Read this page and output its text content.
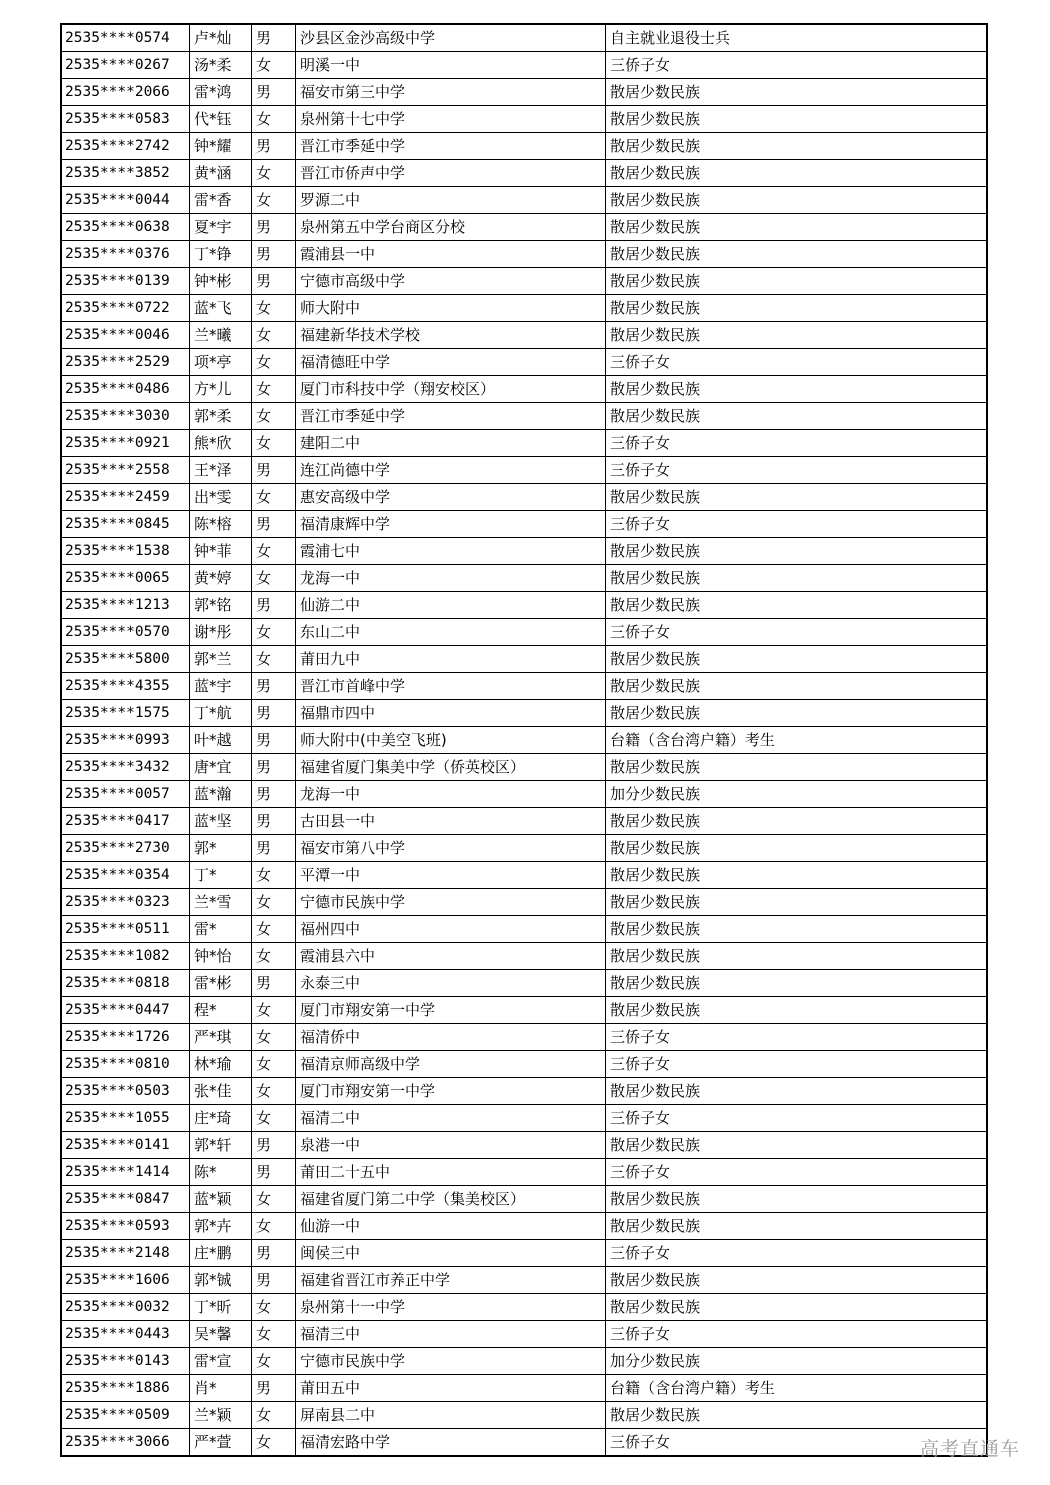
2535****0574	卢*灿	男	沙县区金沙高级中学	自主就业退役士兵
2535****0267	汤*柔	女	明溪一中	三侨子女
2535****2066	雷*鸿	男	福安市第三中学	散居少数民族
2535****0583	代*钰	女	泉州第十七中学	散居少数民族
2535****2742	钟*耀	男	晋江市季延中学	散居少数民族
2535****3852	黄*涵	女	晋江市侨声中学	散居少数民族
2535****0044	雷*香	女	罗源二中	散居少数民族
2535****0638	夏*宇	男	泉州第五中学台商区分校	散居少数民族
2535****0376	丁*铮	男	霞浦县一中	散居少数民族
2535****0139	钟*彬	男	宁德市高级中学	散居少数民族
2535****0722	蓝*飞	女	师大附中	散居少数民族
2535****0046	兰*曦	女	福建新华技术学校	散居少数民族
2535****2529	项*亭	女	福清德旺中学	三侨子女
2535****0486	方*儿	女	厦门市科技中学（翔安校区）	散居少数民族
2535****3030	郭*柔	女	晋江市季延中学	散居少数民族
2535****0921	熊*欣	女	建阳二中	三侨子女
2535****2558	王*泽	男	连江尚德中学	三侨子女
2535****2459	出*雯	女	惠安高级中学	散居少数民族
2535****0845	陈*榕	男	福清康辉中学	三侨子女
2535****1538	钟*菲	女	霞浦七中	散居少数民族
2535****0065	黄*婷	女	龙海一中	散居少数民族
2535****1213	郭*铭	男	仙游二中	散居少数民族
2535****0570	谢*彤	女	东山二中	三侨子女
2535****5800	郭*兰	女	莆田九中	散居少数民族
2535****4355	蓝*宇	男	晋江市首峰中学	散居少数民族
2535****1575	丁*航	男	福鼎市四中	散居少数民族
2535****0993	叶*越	男	师大附中(中美空飞班)	台籍（含台湾户籍）考生
2535****3432	唐*宜	男	福建省厦门集美中学（侨英校区）	散居少数民族
2535****0057	蓝*瀚	男	龙海一中	加分少数民族
2535****0417	蓝*坚	男	古田县一中	散居少数民族
2535****2730	郭*	男	福安市第八中学	散居少数民族
2535****0354	丁*	女	平潭一中	散居少数民族
2535****0323	兰*雪	女	宁德市民族中学	散居少数民族
2535****0511	雷*	女	福州四中	散居少数民族
2535****1082	钟*怡	女	霞浦县六中	散居少数民族
2535****0818	雷*彬	男	永泰三中	散居少数民族
2535****0447	程*	女	厦门市翔安第一中学	散居少数民族
2535****1726	严*琪	女	福清侨中	三侨子女
2535****0810	林*瑜	女	福清京师高级中学	三侨子女
2535****0503	张*佳	女	厦门市翔安第一中学	散居少数民族
2535****1055	庄*琦	女	福清二中	三侨子女
2535****0141	郭*轩	男	泉港一中	散居少数民族
2535****1414	陈*	男	莆田二十五中	三侨子女
2535****0847	蓝*颖	女	福建省厦门第二中学（集美校区）	散居少数民族
2535****0593	郭*卉	女	仙游一中	散居少数民族
2535****2148	庄*鹏	男	闽侯三中	三侨子女
2535****1606	郭*铖	男	福建省晋江市养正中学	散居少数民族
2535****0032	丁*昕	女	泉州第十一中学	散居少数民族
2535****0443	吴*馨	女	福清三中	三侨子女
2535****0143	雷*宣	女	宁德市民族中学	加分少数民族
2535****1886	肖*	男	莆田五中	台籍（含台湾户籍）考生
2535****0509	兰*颖	女	屏南县二中	散居少数民族
2535****3066	严*萱	女	福清宏路中学	三侨子女	高考直通车
